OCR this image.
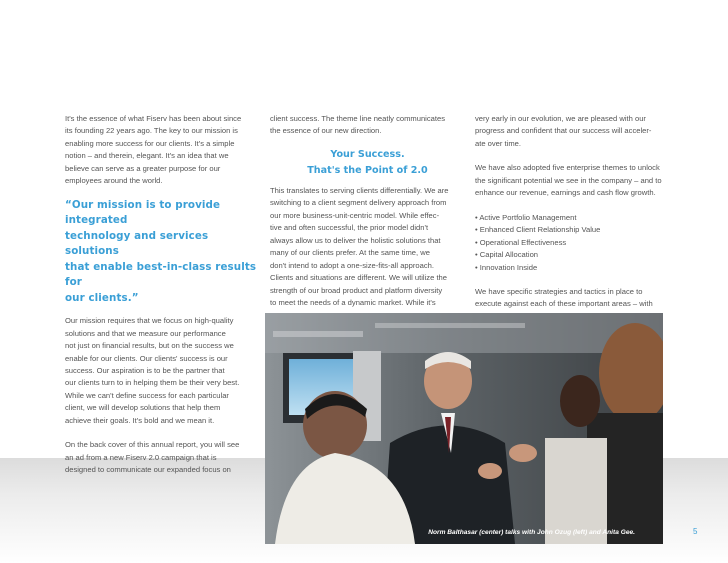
It's the essence of what Fiserv has been about since

its founding 22 years ago. The key to our mission is

enabling more success for our clients. It's a simple

notion – and therein, elegant. It's an idea that we

believe can serve as a greater purpose for our

employees around the world.

“Our mission is to provide integrated

technology and services solutions

that enable best-in-class results for

our clients.”

Our mission requires that we focus on high-quality

solutions and that we measure our performance

not just on financial results, but on the success we

enable for our clients. Our clients' success is our

success. Our aspiration is to be the partner that

our clients turn to in helping them be their very best.

While we can't define success for each particular

client, we will develop solutions that help them

achieve their goals. It's bold and we mean it.

On the back cover of this annual report, you will see

an ad from a new Fiserv 2.0 campaign that is

designed to communicate our expanded focus on

client success. The theme line neatly communicates

the essence of our new direction.

Your Success.
That's the Point of 2.0

This translates to serving clients differentially. We are

switching to a client segment delivery approach from

our more business-unit-centric model. While effec-

tive and often successful, the prior model didn't

always allow us to deliver the holistic solutions that

many of our clients prefer. At the same time, we

don't intend to adopt a one-size-fits-all approach.

Clients and situations are different. We will utilize the

strength of our broad product and platform diversity

to meet the needs of a dynamic market. While it's

very early in our evolution, we are pleased with our

progress and confident that our success will acceler-

ate over time.

We have also adopted five enterprise themes to unlock

the significant potential we see in the company – and to

enhance our revenue, earnings and cash flow growth.

• Active Portfolio Management
• Enhanced Client Relationship Value
• Operational Effectiveness
• Capital Allocation
• Innovation Inside

We have specific strategies and tactics in place to

execute against each of these important areas – with

Norm Balthasar (center) talks with John Ozug (left) and Anita Gee.	5
